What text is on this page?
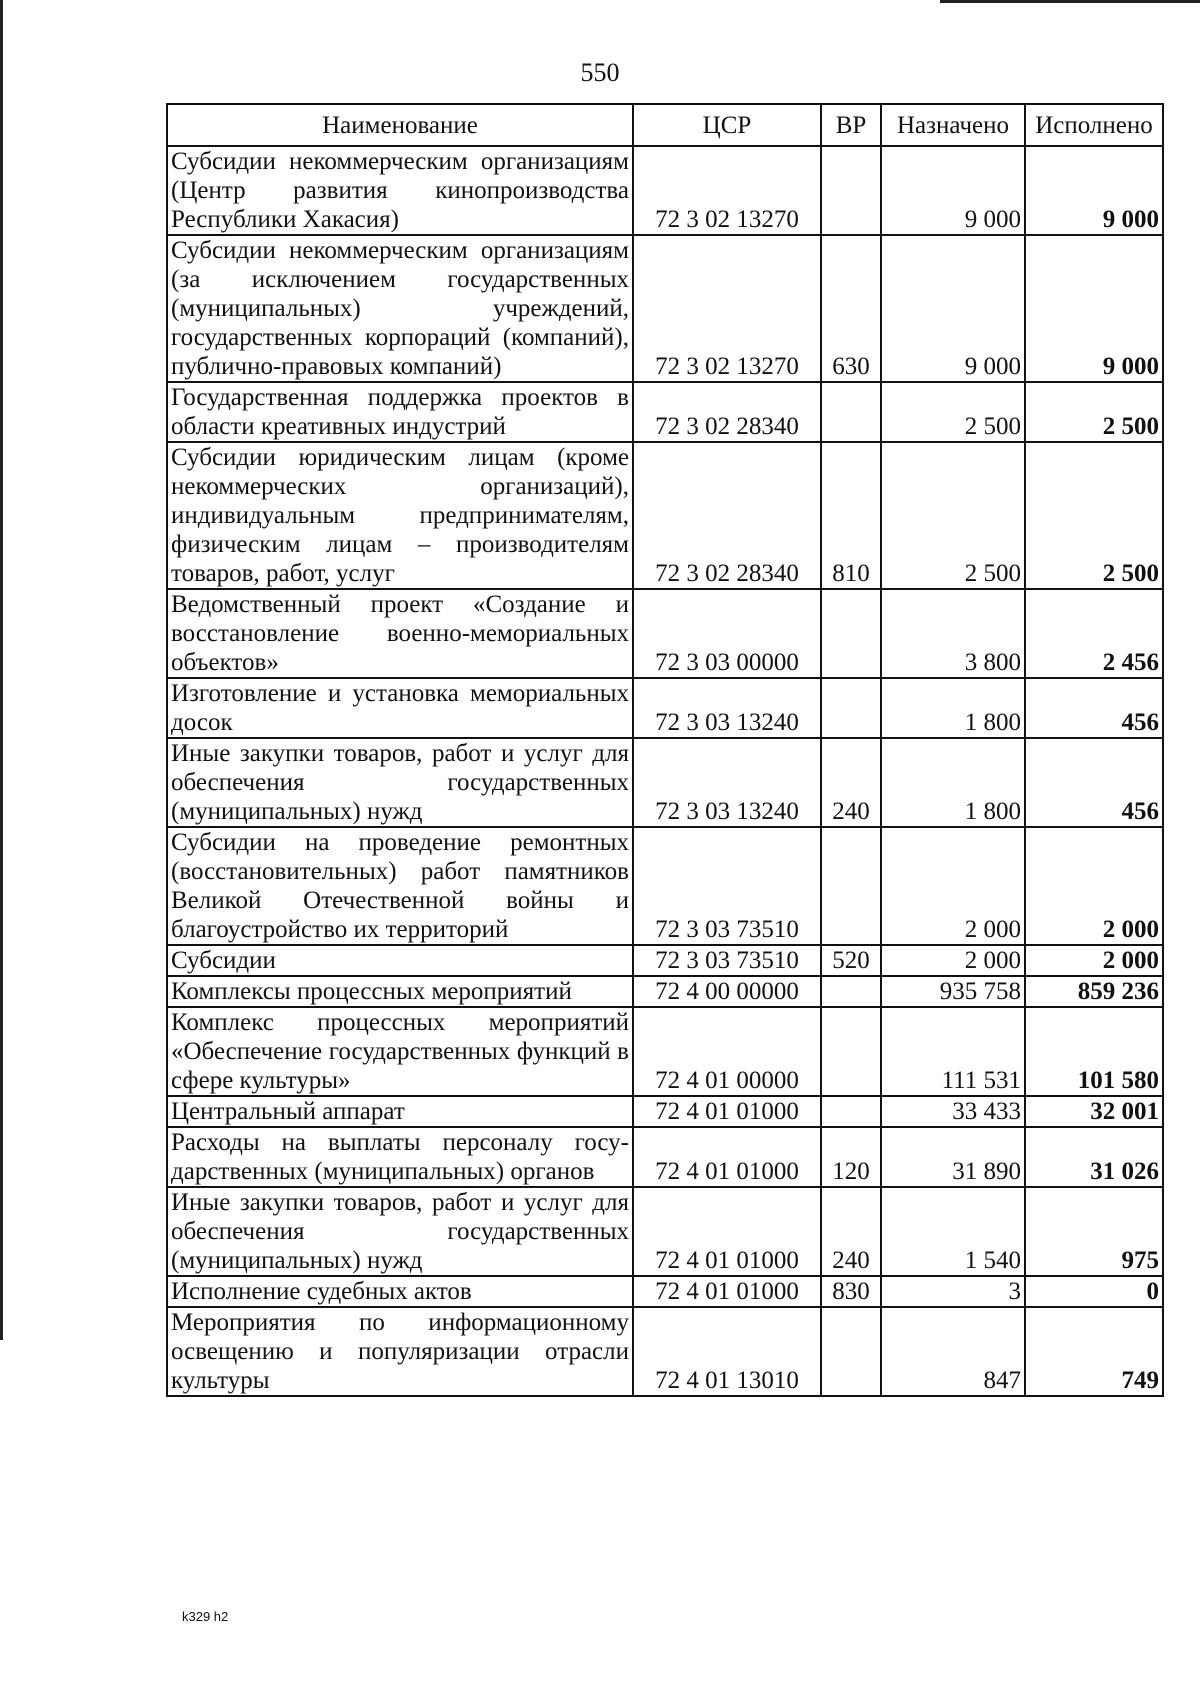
550
Наименование	ЦСР	ВР	Назначено	Исполнено
Субсидии некоммерческим организациям (Центр развития кинопроизводства Республики Хакасия)	72 3 02 13270		9 000	9 000
Субсидии некоммерческим организациям (за исключением государственных (муниципальных) учреждений, государственных корпораций (компаний), публично-правовых компаний)	72 3 02 13270	630	9 000	9 000
Государственная поддержка проектов в области креативных индустрий	72 3 02 28340		2 500	2 500
Субсидии юридическим лицам (кроме некоммерческих организаций), индивидуальным предпринимателям, физическим лицам – производителям товаров, работ, услуг	72 3 02 28340	810	2 500	2 500
Ведомственный проект «Создание и восстановление военно-мемориальных объектов»	72 3 03 00000		3 800	2 456
Изготовление и установка мемориальных досок	72 3 03 13240		1 800	456
Иные закупки товаров, работ и услуг для обеспечения государственных (муниципальных) нужд	72 3 03 13240	240	1 800	456
Субсидии на проведение ремонтных (восстановительных) работ памятников Великой Отечественной войны и благоустройство их территорий	72 3 03 73510		2 000	2 000
Субсидии	72 3 03 73510	520	2 000	2 000
Комплексы процессных мероприятий	72 4 00 00000		935 758	859 236
Комплекс процессных мероприятий «Обеспечение государственных функций в сфере культуры»	72 4 01 00000		111 531	101 580
Центральный аппарат	72 4 01 01000		33 433	32 001
Расходы на выплаты персоналу государственных (муниципальных) органов	72 4 01 01000	120	31 890	31 026
Иные закупки товаров, работ и услуг для обеспечения государственных (муниципальных) нужд	72 4 01 01000	240	1 540	975
Исполнение судебных актов	72 4 01 01000	830	3	0
Мероприятия по информационному освещению и популяризации отрасли культуры	72 4 01 13010		847	749
k329 h2
